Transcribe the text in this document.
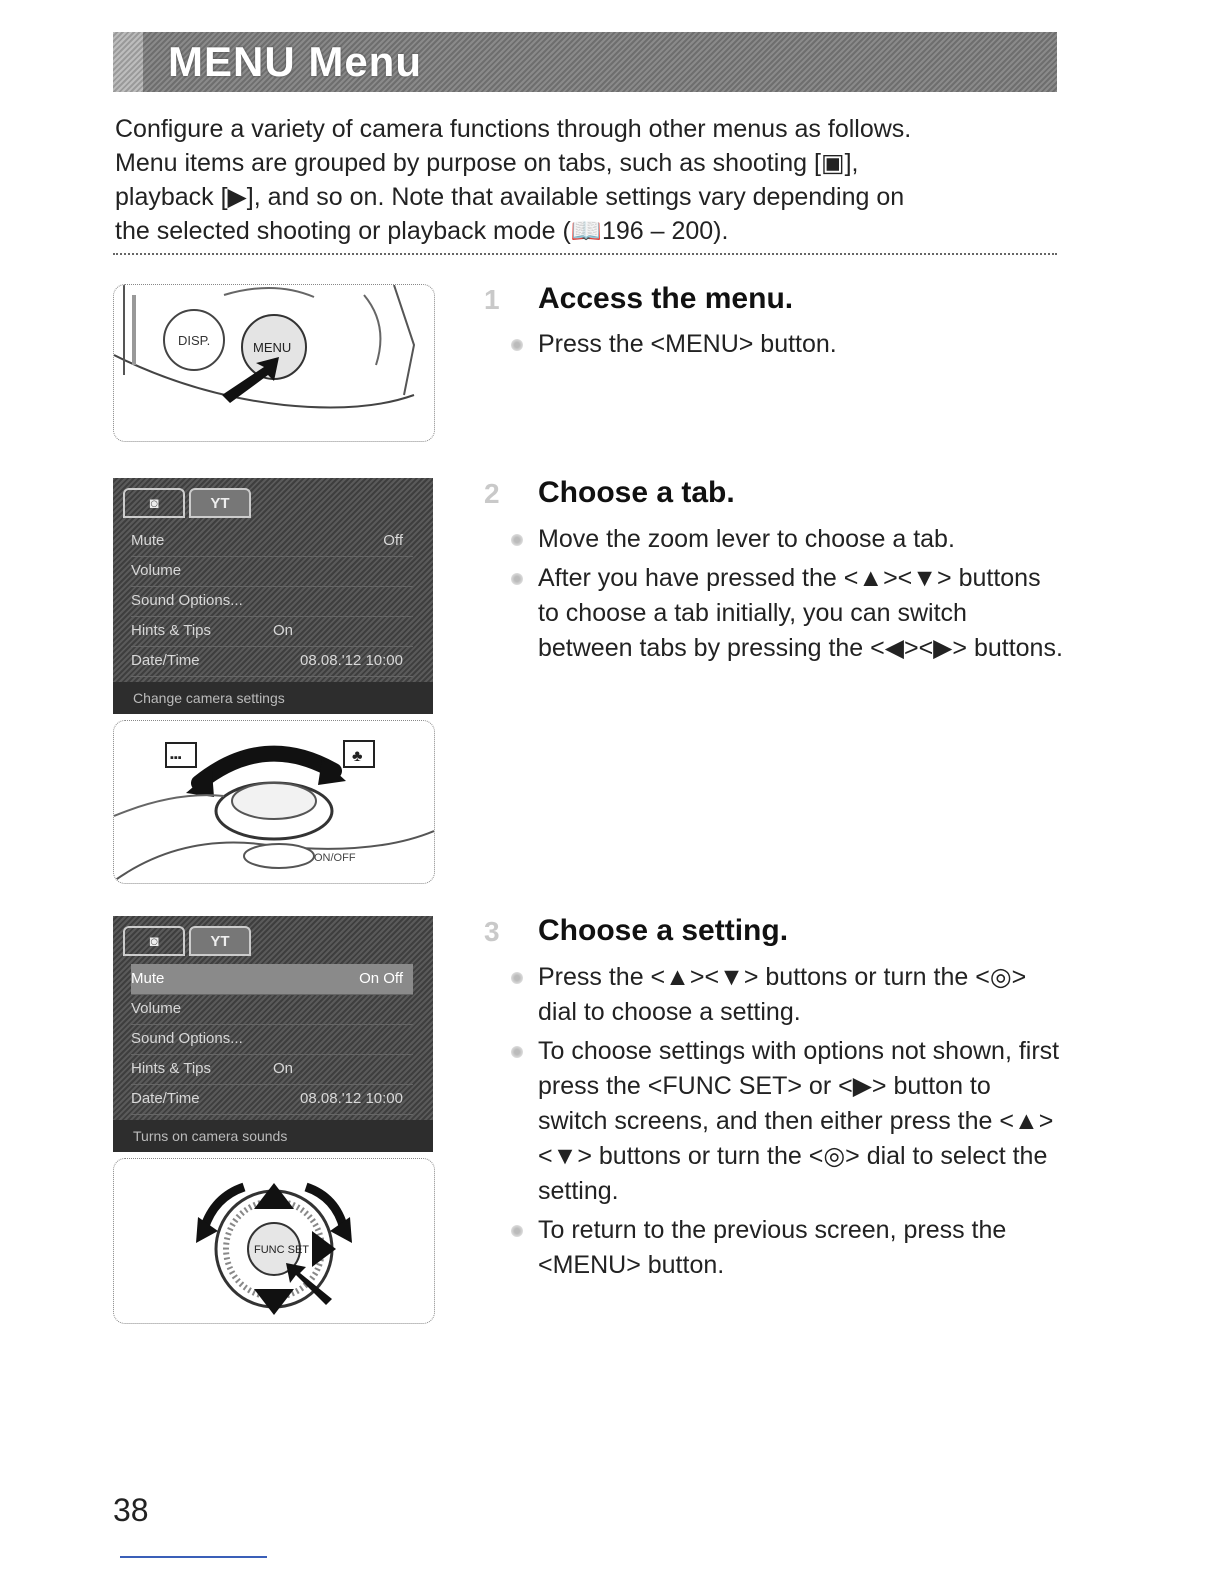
MENU Menu

Configure a variety of camera functions through other menus as follows.

Menu items are grouped by purpose on tabs, such as shooting [▣],

playback [▶], and so on. Note that available settings vary depending on

the selected shooting or playback mode (📖196 – 200).

DISP.	MENU
1 Access the menu.
Press the <MENU> button.
◙	YT
Mute	Off
Volume
Sound Options...
Hints & Tips	On
Date/Time	08.08.'12 10:00
Change camera settings
▪▪▪	♣
ON/OFF
2 Choose a tab.
Move the zoom lever to choose a tab.
After you have pressed the <▲><▼> buttons to choose a tab initially, you can switch between tabs by pressing the <◀><▶> buttons.
◙	YT
Mute	On Off
Volume
Sound Options...
Hints & Tips	On
Date/Time	08.08.'12 10:00
Turns on camera sounds
FUNC SET
3 Choose a setting.
Press the <▲><▼> buttons or turn the <◎> dial to choose a setting.
To choose settings with options not shown, first press the <FUNC SET> or <▶> button to switch screens, and then either press the <▲><▼> buttons or turn the <◎> dial to select the setting.
To return to the previous screen, press the <MENU> button.
38
